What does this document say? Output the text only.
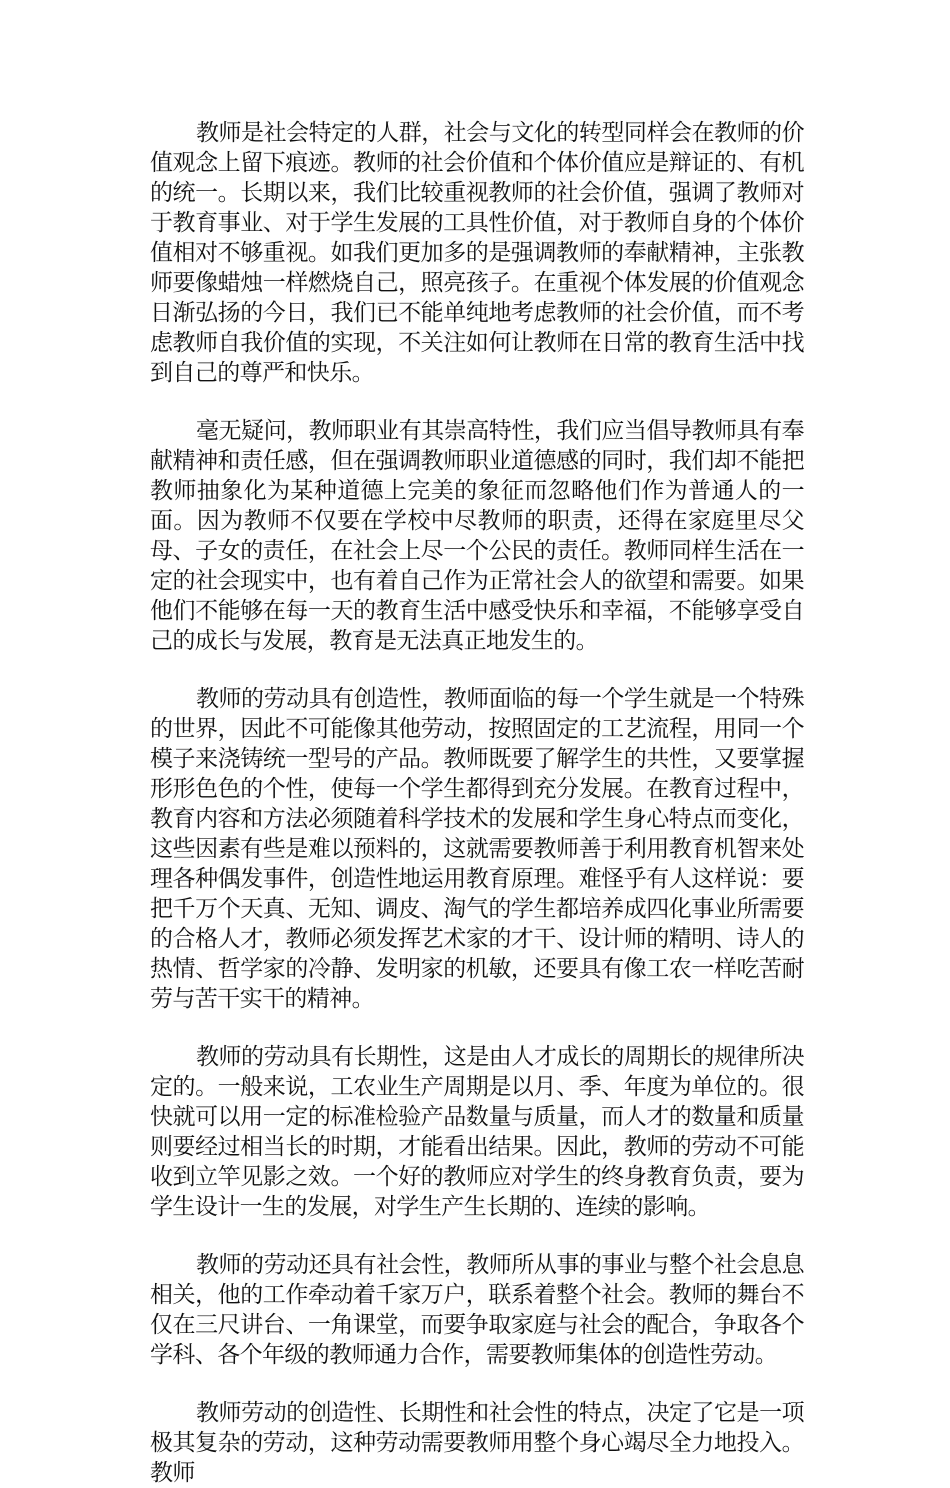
教师是社会特定的人群，社会与文化的转型同样会在教师的价值观念上留下痕迹。教师的社会价值和个体价值应是辩证的、有机的统一。长期以来，我们比较重视教师的社会价值，强调了教师对于教育事业、对于学生发展的工具性价值，对于教师自身的个体价值相对不够重视。如我们更加多的是强调教师的奉献精神，主张教师要像蜡烛一样燃烧自己，照亮孩子。在重视个体发展的价值观念日渐弘扬的今日，我们已不能单纯地考虑教师的社会价值，而不考虑教师自我价值的实现，不关注如何让教师在日常的教育生活中找到自己的尊严和快乐。

毫无疑问，教师职业有其崇高特性，我们应当倡导教师具有奉献精神和责任感，但在强调教师职业道德感的同时，我们却不能把教师抽象化为某种道德上完美的象征而忽略他们作为普通人的一面。因为教师不仅要在学校中尽教师的职责，还得在家庭里尽父母、子女的责任，在社会上尽一个公民的责任。教师同样生活在一定的社会现实中，也有着自己作为正常社会人的欲望和需要。如果他们不能够在每一天的教育生活中感受快乐和幸福，不能够享受自己的成长与发展，教育是无法真正地发生的。

教师的劳动具有创造性，教师面临的每一个学生就是一个特殊的世界，因此不可能像其他劳动，按照固定的工艺流程，用同一个模子来浇铸统一型号的产品。教师既要了解学生的共性，又要掌握形形色色的个性，使每一个学生都得到充分发展。在教育过程中，教育内容和方法必须随着科学技术的发展和学生身心特点而变化，这些因素有些是难以预料的，这就需要教师善于利用教育机智来处理各种偶发事件，创造性地运用教育原理。难怪乎有人这样说：要把千万个天真、无知、调皮、淘气的学生都培养成四化事业所需要的合格人才，教师必须发挥艺术家的才干、设计师的精明、诗人的热情、哲学家的冷静、发明家的机敏，还要具有像工农一样吃苦耐劳与苦干实干的精神。

教师的劳动具有长期性，这是由人才成长的周期长的规律所决定的。一般来说，工农业生产周期是以月、季、年度为单位的。很快就可以用一定的标准检验产品数量与质量，而人才的数量和质量则要经过相当长的时期，才能看出结果。因此，教师的劳动不可能收到立竿见影之效。一个好的教师应对学生的终身教育负责，要为学生设计一生的发展，对学生产生长期的、连续的影响。

教师的劳动还具有社会性，教师所从事的事业与整个社会息息相关，他的工作牵动着千家万户，联系着整个社会。教师的舞台不仅在三尺讲台、一角课堂，而要争取家庭与社会的配合，争取各个学科、各个年级的教师通力合作，需要教师集体的创造性劳动。

教师劳动的创造性、长期性和社会性的特点，决定了它是一项极其复杂的劳动，这种劳动需要教师用整个身心竭尽全力地投入。教师
